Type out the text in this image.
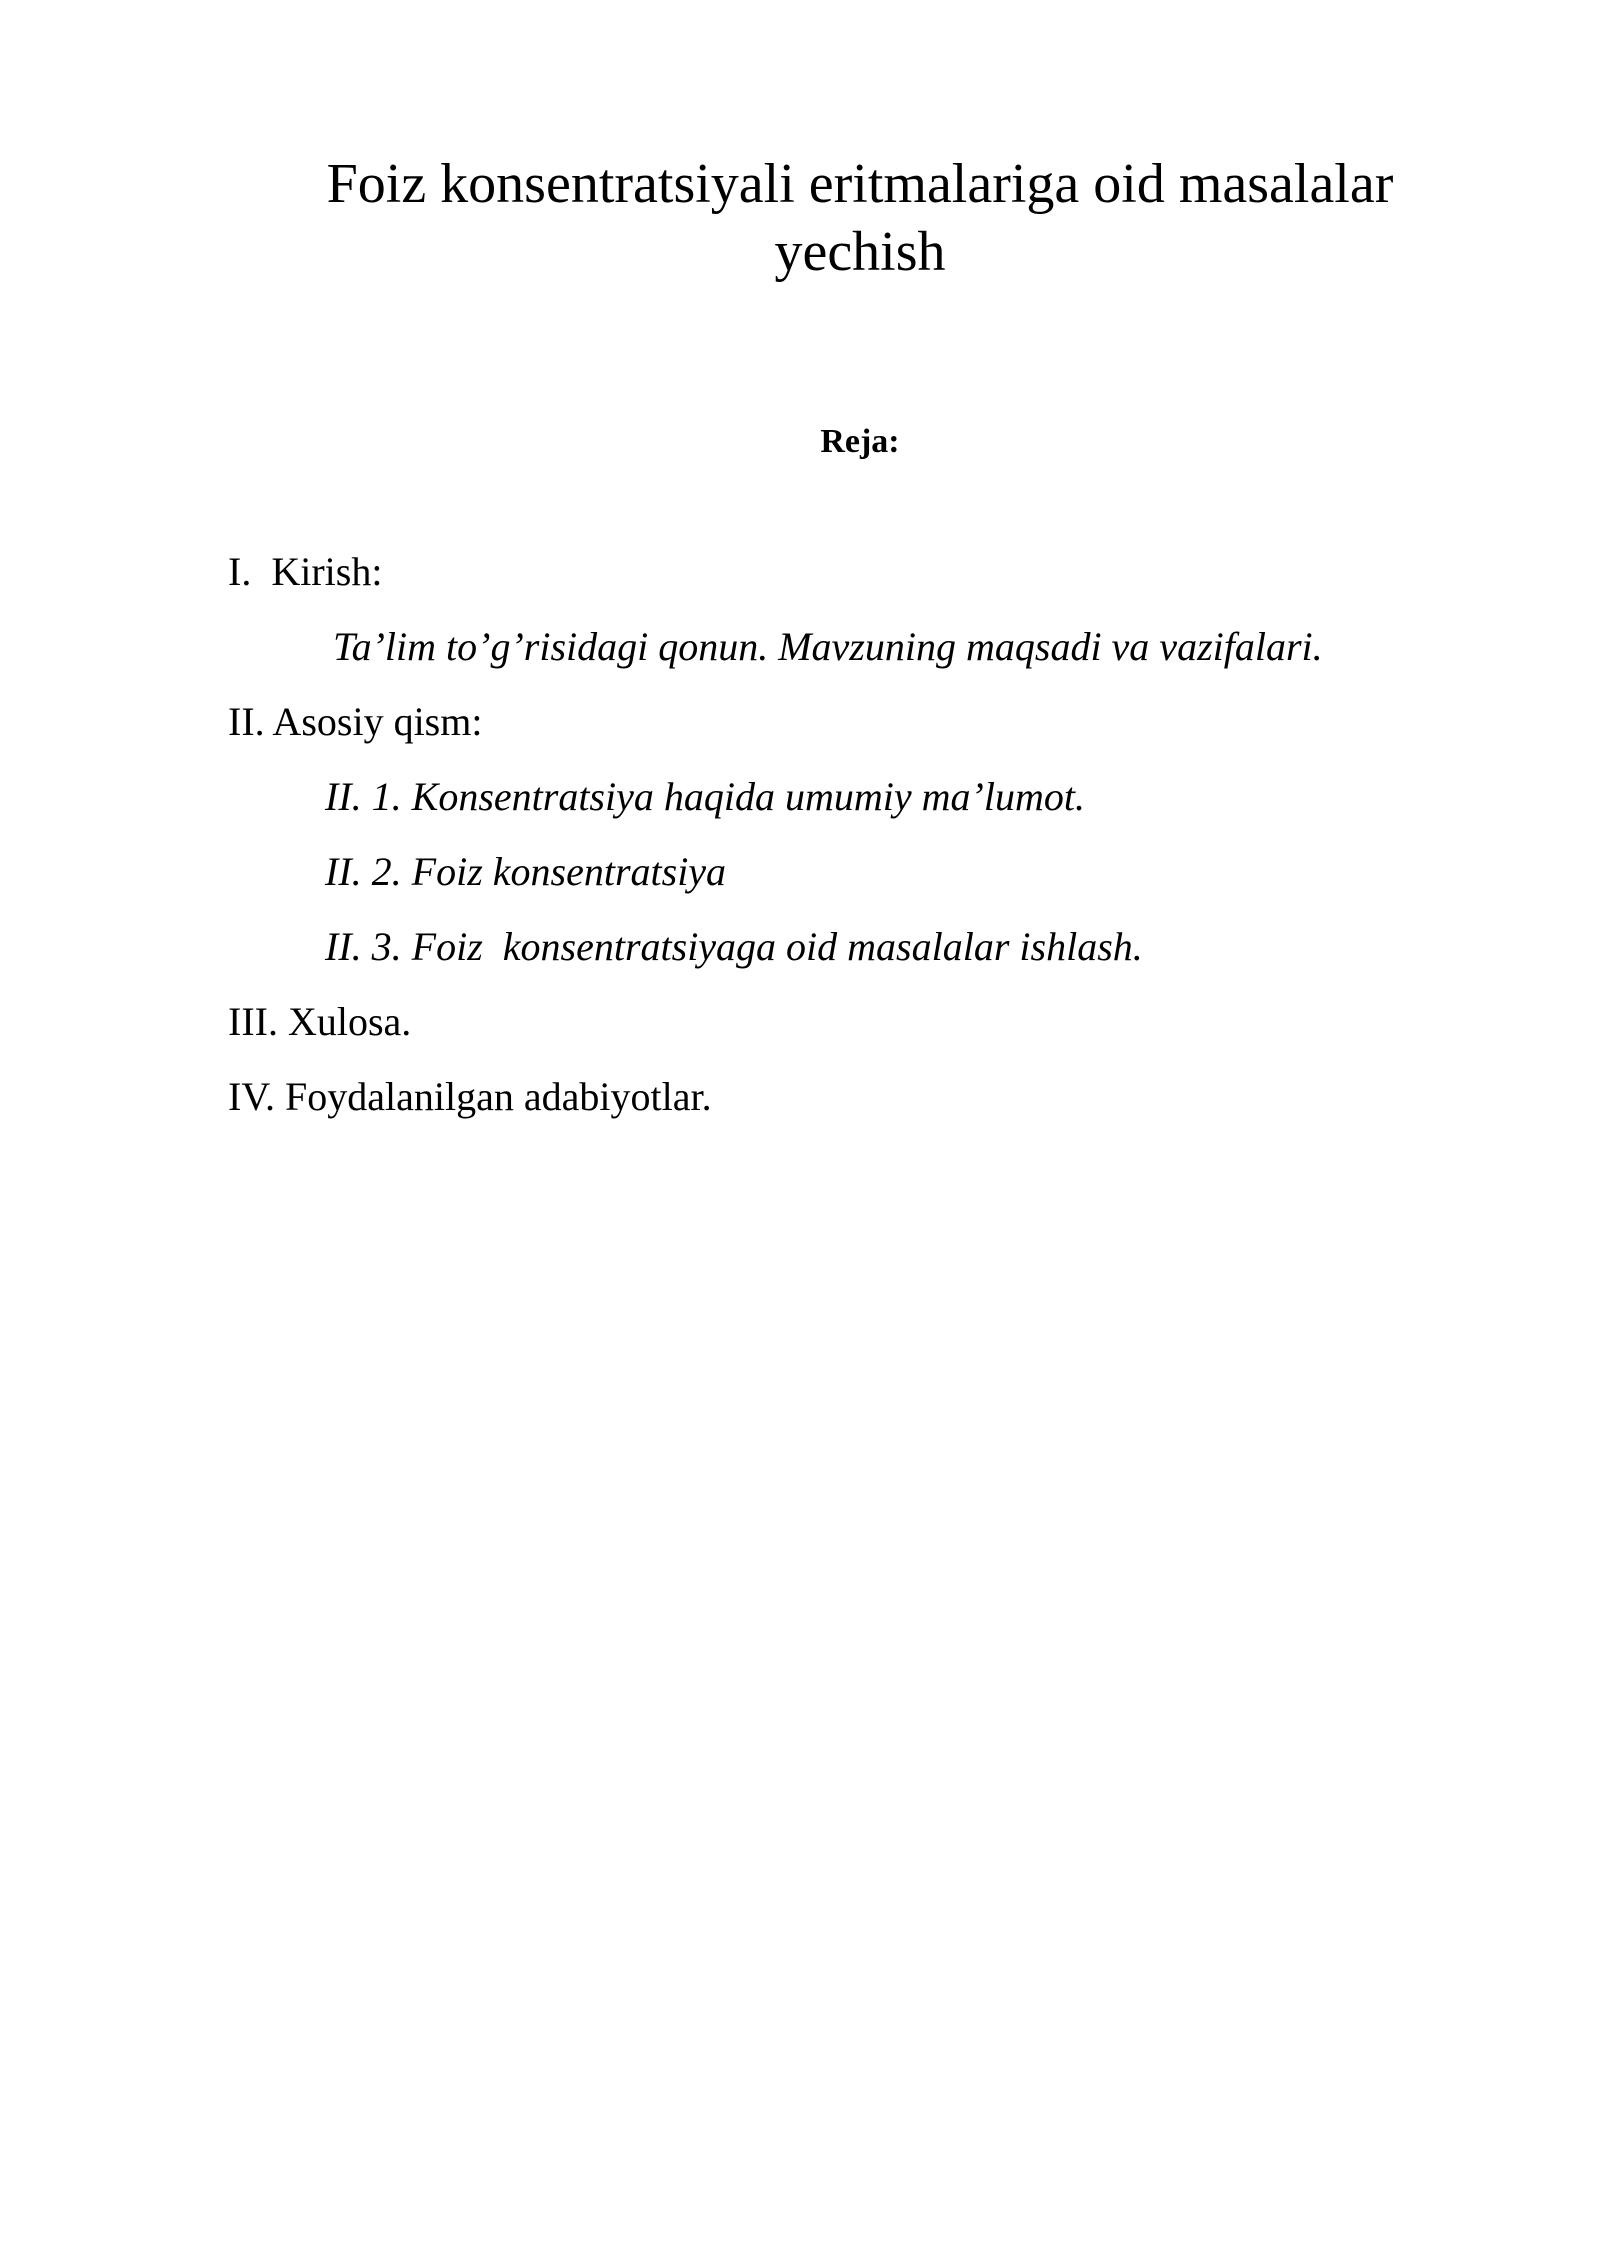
Foiz konsentratsiyali eritmalariga oid masalalar
yechish

Reja:

I.  Kirish:
Ta’lim to’g’risidagi qonun. Mavzuning maqsadi va vazifalari.
II. Asosiy qism:
II. 1. Konsentratsiya haqida umumiy ma’lumot.
II. 2. Foiz konsentratsiya
II. 3. Foiz  konsentratsiyaga oid masalalar ishlash.
III. Xulosa.
IV. Foydalanilgan adabiyotlar.
